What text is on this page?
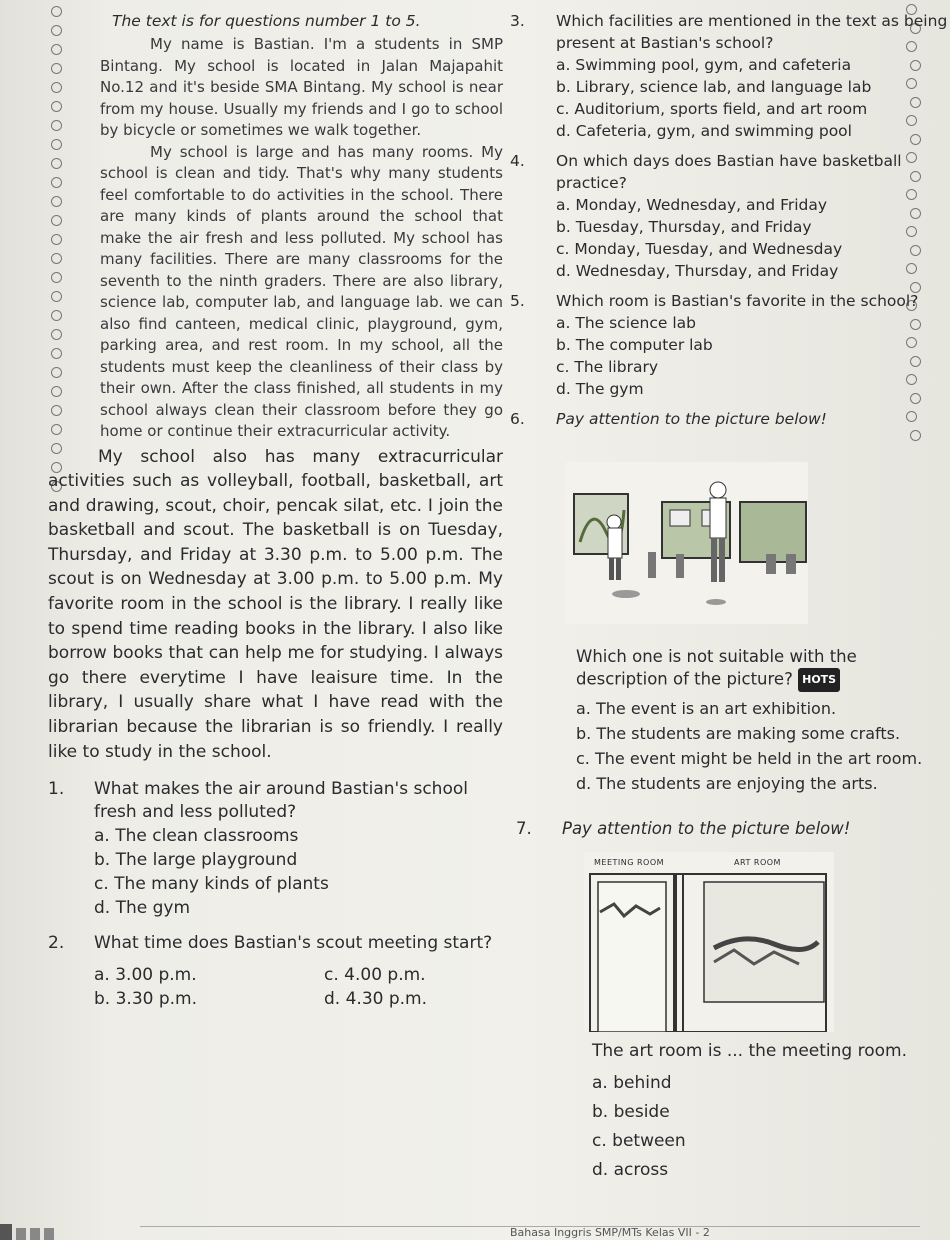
The text is for questions number 1 to 5.

My name is Bastian. I'm a students in SMP Bintang. My school is located in Jalan Majapahit No.12 and it's beside SMA Bintang. My school is near from my house. Usually my friends and I go to school by bicycle or sometimes we walk together.

My school is large and has many rooms. My school is clean and tidy. That's why many students feel comfortable to do activities in the school. There are many kinds of plants around the school that make the air fresh and less polluted. My school has many facilities. There are many classrooms for the seventh to the ninth graders. There are also library, science lab, computer lab, and language lab. we can also find canteen, medical clinic, playground, gym, parking area, and rest room. In my school, all the students must keep the cleanliness of their class by their own. After the class finished, all students in my school always clean their classroom before they go home or continue their extracurricular activity.

My school also has many extracurricular activities such as volleyball, football, basketball, art and drawing, scout, choir, pencak silat, etc. I join the basketball and scout. The basketball is on Tuesday, Thursday, and Friday at 3.30 p.m. to 5.00 p.m. The scout is on Wednesday at 3.00 p.m. to 5.00 p.m. My favorite room in the school is the library. I really like to spend time reading books in the library. I also like borrow books that can help me for studying. I always go there everytime I have leaisure time. In the library, I usually share what I have read with the librarian because the librarian is so friendly. I really like to study in the school.

1.	What makes the air around Bastian's school fresh and less polluted?
a. The clean classrooms
b. The large playground
c. The many kinds of plants
d. The gym
2.	What time does Bastian's scout meeting start?
a. 3.00 p.m.	c. 4.00 p.m.
b. 3.30 p.m.	d. 4.30 p.m.
3.	Which facilities are mentioned in the text as being present at Bastian's school?
a. Swimming pool, gym, and cafeteria
b. Library, science lab, and language lab
c. Auditorium, sports field, and art room
d. Cafeteria, gym, and swimming pool
4.	On which days does Bastian have basketball practice?
a. Monday, Wednesday, and Friday
b. Tuesday, Thursday, and Friday
c. Monday, Tuesday, and Wednesday
d. Wednesday, Thursday, and Friday
5.	Which room is Bastian's favorite in the school?
a. The science lab
b. The computer lab
c. The library
d. The gym
6.	Pay attention to the picture below!
Which one is not suitable with the description of the picture? HOTS
a. The event is an art exhibition.
b. The students are making some crafts.
c. The event might be held in the art room.
d. The students are enjoying the arts.
7.	Pay attention to the picture below!
MEETING ROOM	ART ROOM
The art room is ... the meeting room.
a. behind
b. beside
c. between
d. across
Bahasa Inggris SMP/MTs Kelas VII - 2
